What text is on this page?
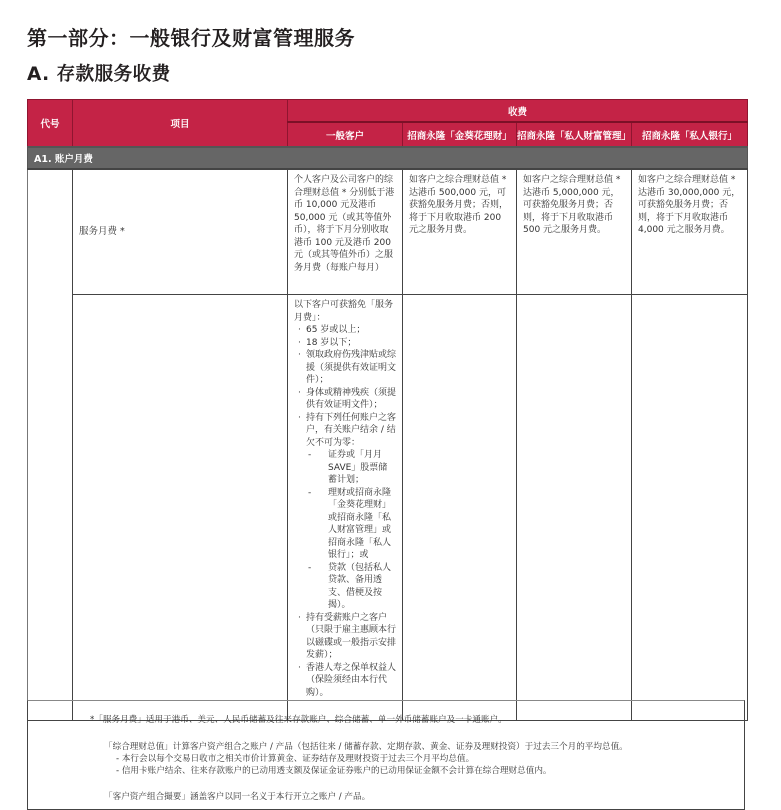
第一部分：一般银行及财富管理服务
A. 存款服务收费
代号	项目	收费			
		一般客户	招商永隆「金葵花理财」	招商永隆「私人财富管理」	招商永隆「私人银行」
A1. 账户月费					
	服务月费 *	个人客户及公司客户的综合理财总值 * 分别低于港币 10,000 元及港币 50,000 元（或其等值外币），将于下月分别收取港币 100 元及港币 200 元（或其等值外币）之服务月费（每账户每月）	如客户之综合理财总值 * 达港币 500,000 元，可获豁免服务月费；否则，将于下月收取港币 200 元之服务月费。	如客户之综合理财总值 * 达港币 5,000,000 元，可获豁免服务月费；否则，将于下月收取港币 500 元之服务月费。	如客户之综合理财总值 * 达港币 30,000,000 元，可获豁免服务月费；否则，将于下月收取港币 4,000 元之服务月费。

以下客户可获豁免「服务月费」：

· 65 岁或以上；
· 18 岁以下；
· 领取政府伤残津贴或综援（须提供有效证明文件）；
· 身体或精神残疾（须提供有效证明文件）；
· 持有下列任何账户之客户，有关账户结余 / 结欠不可为零：
- 证券或「月月 SAVE」股票储蓄计划；
- 理财或招商永隆「金葵花理财」或招商永隆「私人财富管理」或招商永隆「私人银行」；或
- 贷款（包括私人贷款、备用透支、借梗及按揭）。
· 持有受薪账户之客户（只限于雇主惠顾本行以磁碟或一般指示安排发薪）；
· 香港人寿之保单权益人（保险须经由本行代购）。

*「服务月费」适用于港币、美元、人民币储蓄及往来存款账户、综合储蓄、单一外币储蓄账户及一卡通账户。

「综合理财总值」计算客户资产组合之账户 / 产品（包括往来 / 储蓄存款、定期存款、黄金、证券及理财投资）于过去三个月的平均总值。

- 本行会以每个交易日收市之相关市价计算黄金、证券结存及理财投资于过去三个月平均总值。

- 信用卡账户结余、往来存款账户的已动用透支额及保证金证券账户的已动用保证金额不会计算在综合理财总值内。

「客户资产组合撮要」涵盖客户以同一名义于本行开立之账户 / 产品。
